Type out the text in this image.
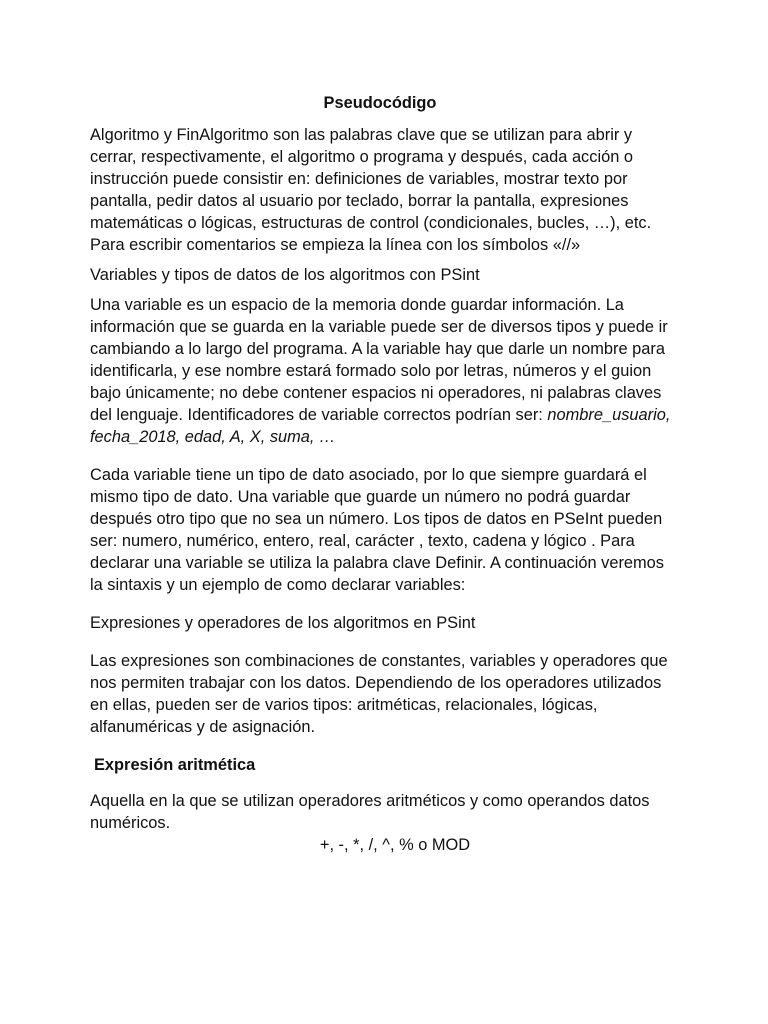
Pseudocódigo

Algoritmo y FinAlgoritmo son las palabras clave que se utilizan para abrir y cerrar, respectivamente, el algoritmo o programa y después, cada acción o instrucción puede consistir en: definiciones de variables, mostrar texto por pantalla, pedir datos al usuario por teclado, borrar la pantalla, expresiones matemáticas o lógicas, estructuras de control (condicionales, bucles, …), etc. Para escribir comentarios se empieza la línea con los símbolos «//»

Variables y tipos de datos de los algoritmos con PSint

Una variable es un espacio de la memoria donde guardar información. La información que se guarda en la variable puede ser de diversos tipos y puede ir cambiando a lo largo del programa. A la variable hay que darle un nombre para identificarla, y ese nombre estará formado solo por letras, números y el guion bajo únicamente; no debe contener espacios ni operadores, ni palabras claves del lenguaje. Identificadores de variable correctos podrían ser: nombre_usuario, fecha_2018, edad, A, X, suma, …

Cada variable tiene un tipo de dato asociado, por lo que siempre guardará el mismo tipo de dato. Una variable que guarde un número no podrá guardar después otro tipo que no sea un número. Los tipos de datos en PSeInt pueden ser: numero, numérico, entero, real, carácter , texto, cadena y lógico . Para declarar una variable se utiliza la palabra clave Definir. A continuación veremos la sintaxis y un ejemplo de como declarar variables:

Expresiones y operadores de los algoritmos en PSint

Las expresiones son combinaciones de constantes, variables y operadores que nos permiten trabajar con los datos. Dependiendo de los operadores utilizados en ellas, pueden ser de varios tipos: aritméticas, relacionales, lógicas, alfanuméricas y de asignación.

Expresión aritmética

Aquella en la que se utilizan operadores aritméticos y como operandos datos numéricos.

+, -, *, /, ^, % o MOD
